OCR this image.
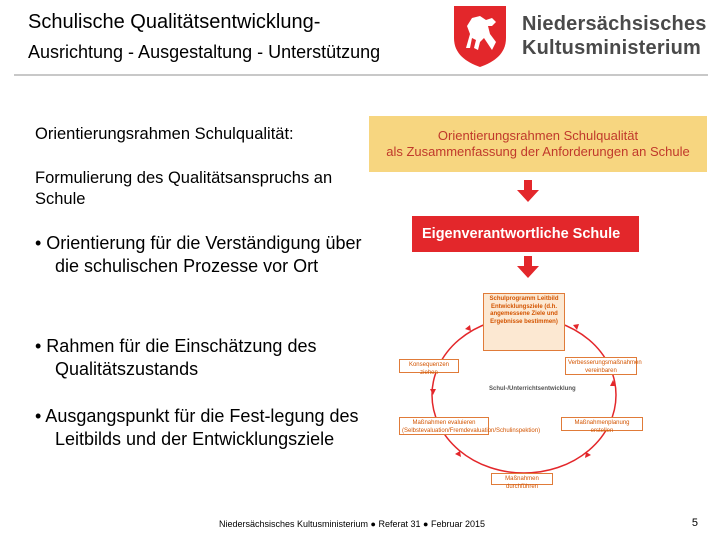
Schulische Qualitätsentwicklung-
Ausrichtung - Ausgestaltung - Unterstützung
Niedersächsisches
Kultusministerium
Orientierungsrahmen Schulqualität:
Formulierung des Qualitätsanspruchs an Schule
• Orientierung für die Verständigung über die schulischen Prozesse vor Ort
• Rahmen für die Einschätzung des Qualitätszustands
• Ausgangspunkt für die Fest-legung des Leitbilds und der Entwicklungsziele
Orientierungsrahmen Schulqualität
als Zusammenfassung der Anforderungen an Schule
Eigenverantwortliche Schule
Schulprogramm Leitbild Entwicklungsziele (d.h. angemessene Ziele und Ergebnisse bestimmen)
Konsequenzen ziehen
Verbesserungsmaßnahmen vereinbaren
Maßnahmen evaluieren (Selbstevaluation/Fremdevaluation/Schulinspektion)
Maßnahmenplanung erstellen
Maßnahmen durchführen
Schul-/Unterrichtsentwicklung
Niedersächsisches Kultusministerium ● Referat 31 ● Februar 2015	5
